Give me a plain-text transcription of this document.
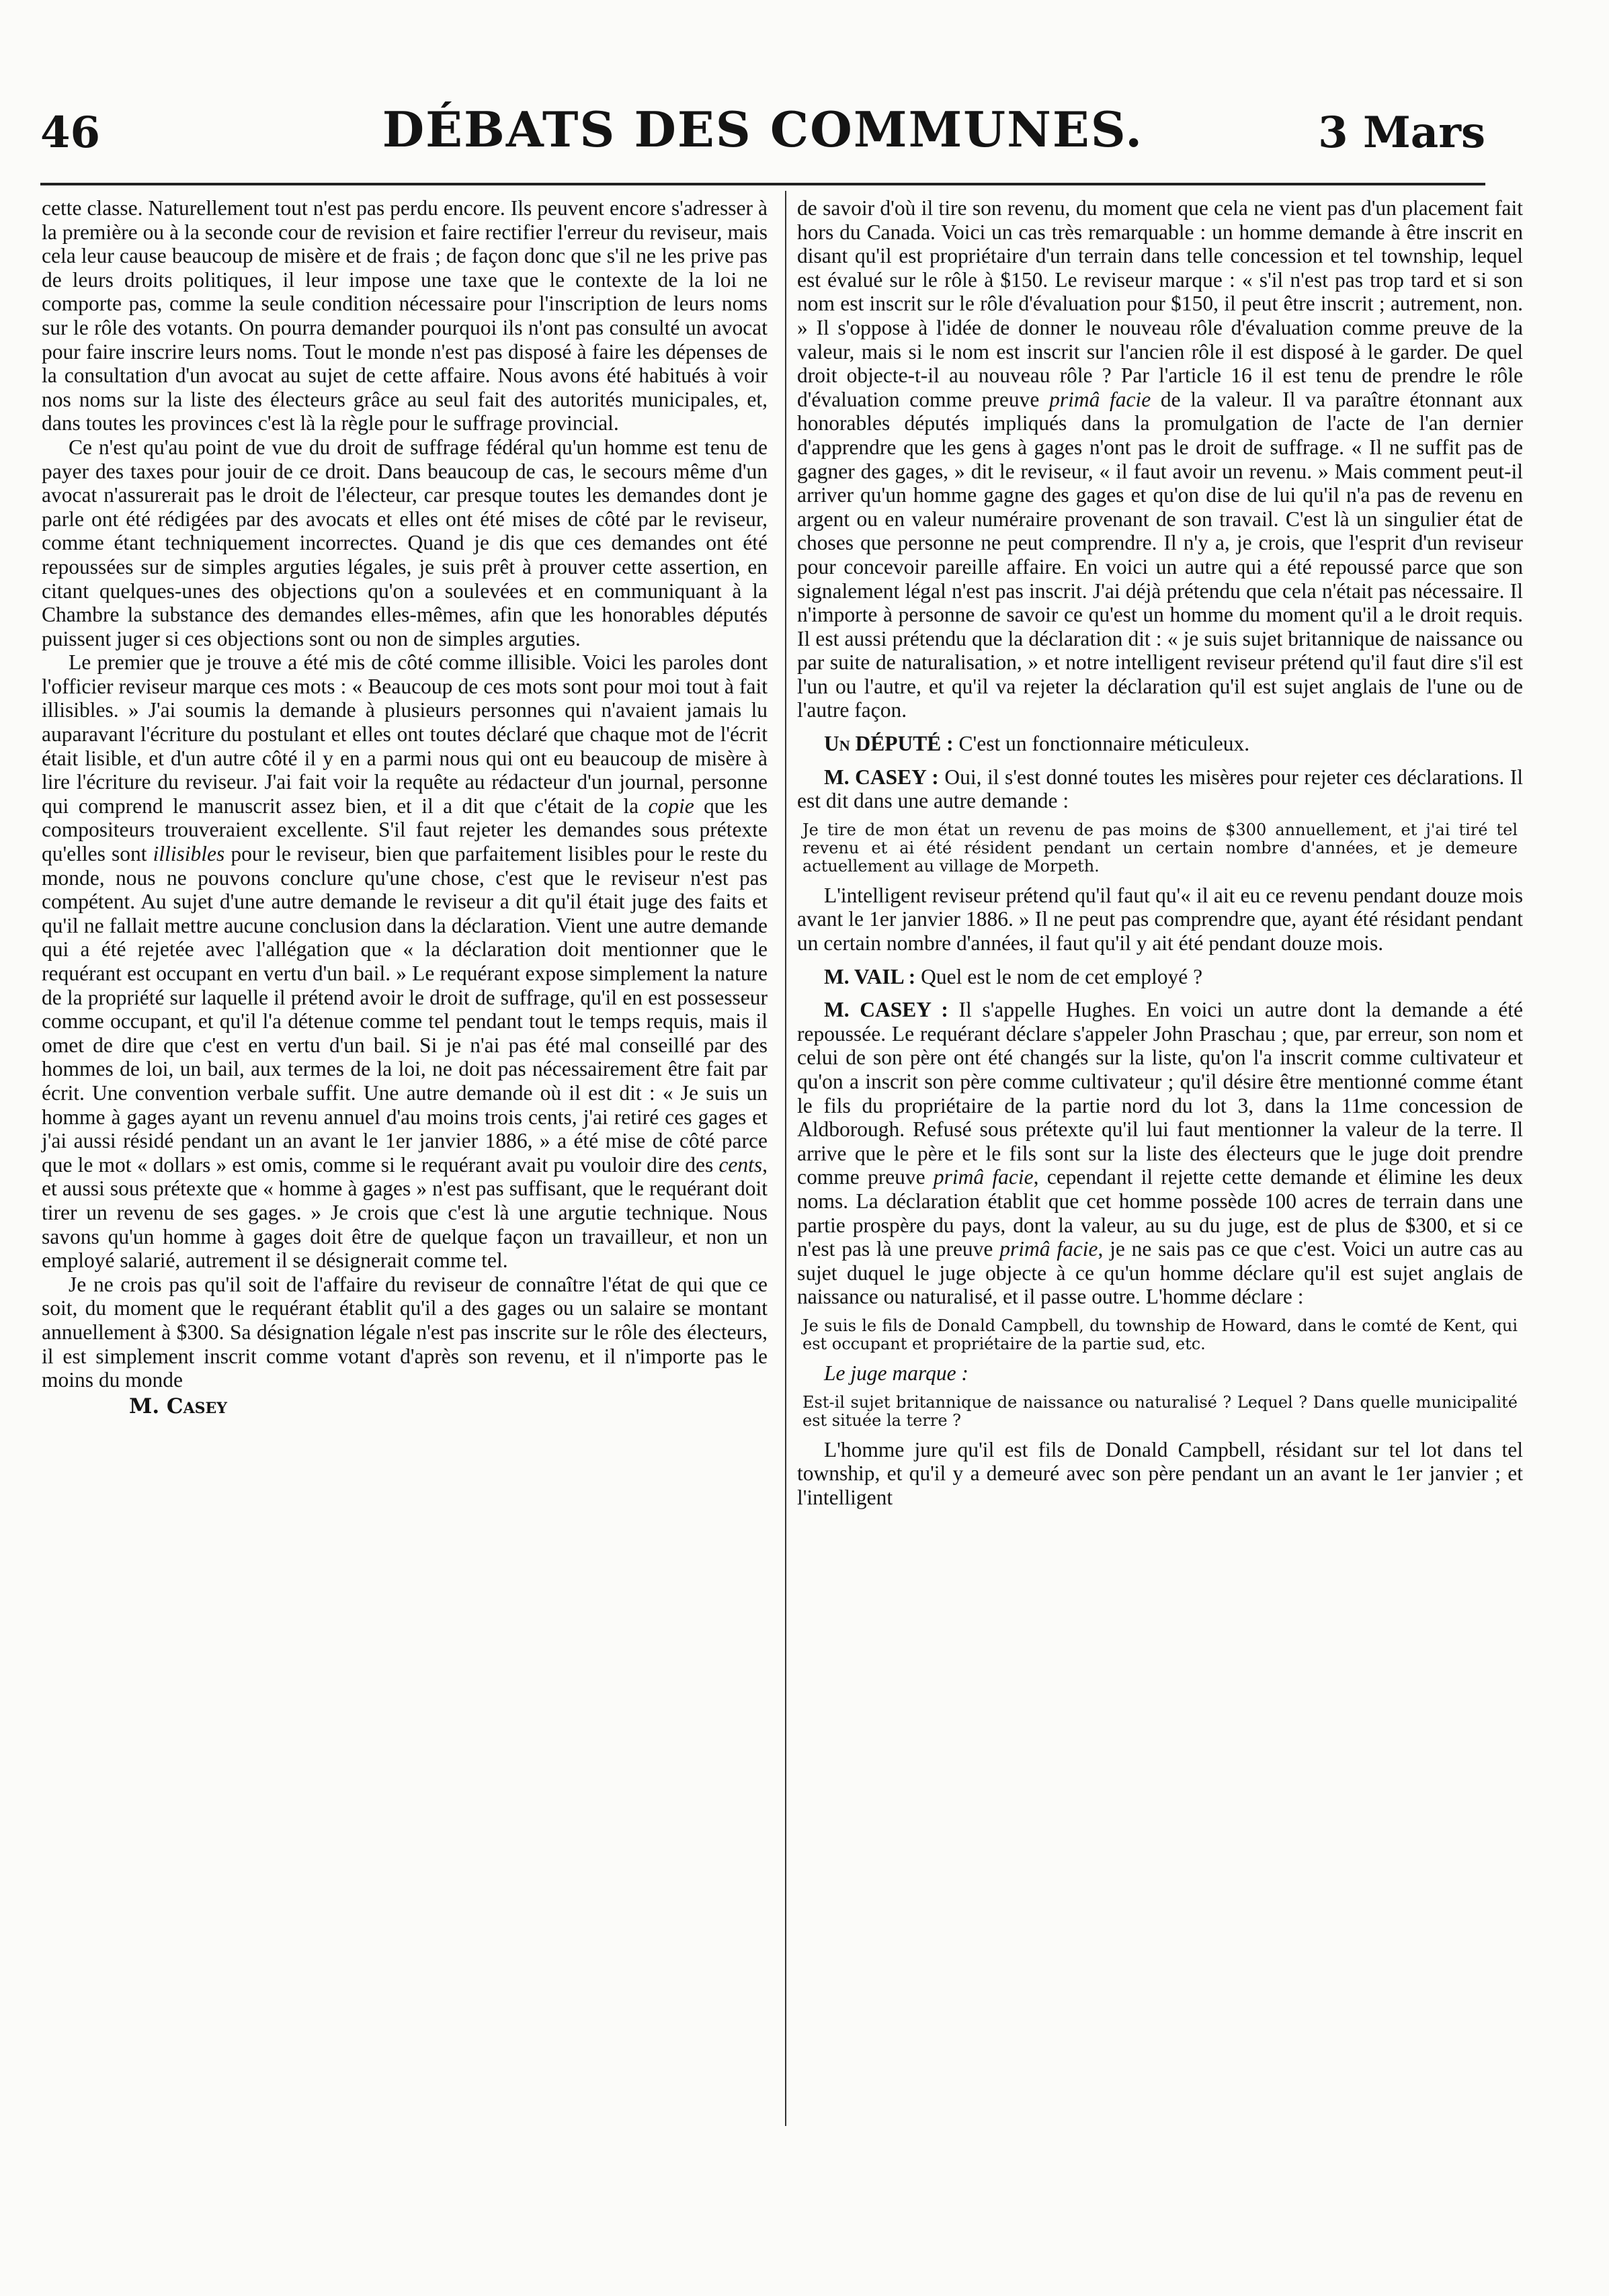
46	DÉBATS DES COMMUNES.	3 Mars

cette classe. Naturellement tout n'est pas perdu encore. Ils peuvent encore s'adresser à la première ou à la seconde cour de revision et faire rectifier l'erreur du reviseur, mais cela leur cause beaucoup de misère et de frais ; de façon donc que s'il ne les prive pas de leurs droits politiques, il leur impose une taxe que le contexte de la loi ne comporte pas, comme la seule condition nécessaire pour l'inscription de leurs noms sur le rôle des votants. On pourra demander pourquoi ils n'ont pas consulté un avocat pour faire inscrire leurs noms. Tout le monde n'est pas disposé à faire les dépenses de la consultation d'un avocat au sujet de cette affaire. Nous avons été habitués à voir nos noms sur la liste des électeurs grâce au seul fait des autorités municipales, et, dans toutes les provinces c'est là la règle pour le suffrage provincial.

Ce n'est qu'au point de vue du droit de suffrage fédéral qu'un homme est tenu de payer des taxes pour jouir de ce droit. Dans beaucoup de cas, le secours même d'un avocat n'assurerait pas le droit de l'électeur, car presque toutes les demandes dont je parle ont été rédigées par des avocats et elles ont été mises de côté par le reviseur, comme étant techniquement incorrectes. Quand je dis que ces demandes ont été repoussées sur de simples arguties légales, je suis prêt à prouver cette assertion, en citant quelques-unes des objections qu'on a soulevées et en communiquant à la Chambre la substance des demandes elles-mêmes, afin que les honorables députés puissent juger si ces objections sont ou non de simples arguties.

Le premier que je trouve a été mis de côté comme illisible. Voici les paroles dont l'officier reviseur marque ces mots : « Beaucoup de ces mots sont pour moi tout à fait illisibles. » J'ai soumis la demande à plusieurs personnes qui n'avaient jamais lu auparavant l'écriture du postulant et elles ont toutes déclaré que chaque mot de l'écrit était lisible, et d'un autre côté il y en a parmi nous qui ont eu beaucoup de misère à lire l'écriture du reviseur. J'ai fait voir la requête au rédacteur d'un journal, personne qui comprend le manuscrit assez bien, et il a dit que c'était de la copie que les compositeurs trouveraient excellente. S'il faut rejeter les demandes sous prétexte qu'elles sont illisibles pour le reviseur, bien que parfaitement lisibles pour le reste du monde, nous ne pouvons conclure qu'une chose, c'est que le reviseur n'est pas compétent. Au sujet d'une autre demande le reviseur a dit qu'il était juge des faits et qu'il ne fallait mettre aucune conclusion dans la déclaration. Vient une autre demande qui a été rejetée avec l'allégation que « la déclaration doit mentionner que le requérant est occupant en vertu d'un bail. » Le requérant expose simplement la nature de la propriété sur laquelle il prétend avoir le droit de suffrage, qu'il en est possesseur comme occupant, et qu'il l'a détenue comme tel pendant tout le temps requis, mais il omet de dire que c'est en vertu d'un bail. Si je n'ai pas été mal conseillé par des hommes de loi, un bail, aux termes de la loi, ne doit pas nécessairement être fait par écrit. Une convention verbale suffit. Une autre demande où il est dit : « Je suis un homme à gages ayant un revenu annuel d'au moins trois cents, j'ai retiré ces gages et j'ai aussi résidé pendant un an avant le 1er janvier 1886, » a été mise de côté parce que le mot « dollars » est omis, comme si le requérant avait pu vouloir dire des cents, et aussi sous prétexte que « homme à gages » n'est pas suffisant, que le requérant doit tirer un revenu de ses gages. » Je crois que c'est là une argutie technique. Nous savons qu'un homme à gages doit être de quelque façon un travailleur, et non un employé salarié, autrement il se désignerait comme tel.

Je ne crois pas qu'il soit de l'affaire du reviseur de connaître l'état de qui que ce soit, du moment que le requérant établit qu'il a des gages ou un salaire se montant annuellement à $300. Sa désignation légale n'est pas inscrite sur le rôle des électeurs, il est simplement inscrit comme votant d'après son revenu, et il n'importe pas le moins du monde

M. Casey

de savoir d'où il tire son revenu, du moment que cela ne vient pas d'un placement fait hors du Canada. Voici un cas très remarquable : un homme demande à être inscrit en disant qu'il est propriétaire d'un terrain dans telle concession et tel township, lequel est évalué sur le rôle à $150. Le reviseur marque : « s'il n'est pas trop tard et si son nom est inscrit sur le rôle d'évaluation pour $150, il peut être inscrit ; autrement, non. » Il s'oppose à l'idée de donner le nouveau rôle d'évaluation comme preuve de la valeur, mais si le nom est inscrit sur l'ancien rôle il est disposé à le garder. De quel droit objecte-t-il au nouveau rôle ? Par l'article 16 il est tenu de prendre le rôle d'évaluation comme preuve primâ facie de la valeur. Il va paraître étonnant aux honorables députés impliqués dans la promulgation de l'acte de l'an dernier d'apprendre que les gens à gages n'ont pas le droit de suffrage. « Il ne suffit pas de gagner des gages, » dit le reviseur, « il faut avoir un revenu. » Mais comment peut-il arriver qu'un homme gagne des gages et qu'on dise de lui qu'il n'a pas de revenu en argent ou en valeur numéraire provenant de son travail. C'est là un singulier état de choses que personne ne peut comprendre. Il n'y a, je crois, que l'esprit d'un reviseur pour concevoir pareille affaire. En voici un autre qui a été repoussé parce que son signalement légal n'est pas inscrit. J'ai déjà prétendu que cela n'était pas nécessaire. Il n'importe à personne de savoir ce qu'est un homme du moment qu'il a le droit requis. Il est aussi prétendu que la déclaration dit : « je suis sujet britannique de naissance ou par suite de naturalisation, » et notre intelligent reviseur prétend qu'il faut dire s'il est l'un ou l'autre, et qu'il va rejeter la déclaration qu'il est sujet anglais de l'une ou de l'autre façon.

Un DÉPUTÉ : C'est un fonctionnaire méticuleux.

M. CASEY : Oui, il s'est donné toutes les misères pour rejeter ces déclarations. Il est dit dans une autre demande :

Je tire de mon état un revenu de pas moins de $300 annuellement, et j'ai tiré tel revenu et ai été résident pendant un certain nombre d'années, et je demeure actuellement au village de Morpeth.

L'intelligent reviseur prétend qu'il faut qu'« il ait eu ce revenu pendant douze mois avant le 1er janvier 1886. » Il ne peut pas comprendre que, ayant été résidant pendant un certain nombre d'années, il faut qu'il y ait été pendant douze mois.

M. VAIL : Quel est le nom de cet employé ?

M. CASEY : Il s'appelle Hughes. En voici un autre dont la demande a été repoussée. Le requérant déclare s'appeler John Praschau ; que, par erreur, son nom et celui de son père ont été changés sur la liste, qu'on l'a inscrit comme cultivateur et qu'on a inscrit son père comme cultivateur ; qu'il désire être mentionné comme étant le fils du propriétaire de la partie nord du lot 3, dans la 11me concession de Aldborough. Refusé sous prétexte qu'il lui faut mentionner la valeur de la terre. Il arrive que le père et le fils sont sur la liste des électeurs que le juge doit prendre comme preuve primâ facie, cependant il rejette cette demande et élimine les deux noms. La déclaration établit que cet homme possède 100 acres de terrain dans une partie prospère du pays, dont la valeur, au su du juge, est de plus de $300, et si ce n'est pas là une preuve primâ facie, je ne sais pas ce que c'est. Voici un autre cas au sujet duquel le juge objecte à ce qu'un homme déclare qu'il est sujet anglais de naissance ou naturalisé, et il passe outre. L'homme déclare :

Je suis le fils de Donald Campbell, du township de Howard, dans le comté de Kent, qui est occupant et propriétaire de la partie sud, etc.

Le juge marque :

Est-il sujet britannique de naissance ou naturalisé ? Lequel ? Dans quelle municipalité est située la terre ?

L'homme jure qu'il est fils de Donald Campbell, résidant sur tel lot dans tel township, et qu'il y a demeuré avec son père pendant un an avant le 1er janvier ; et l'intelligent
